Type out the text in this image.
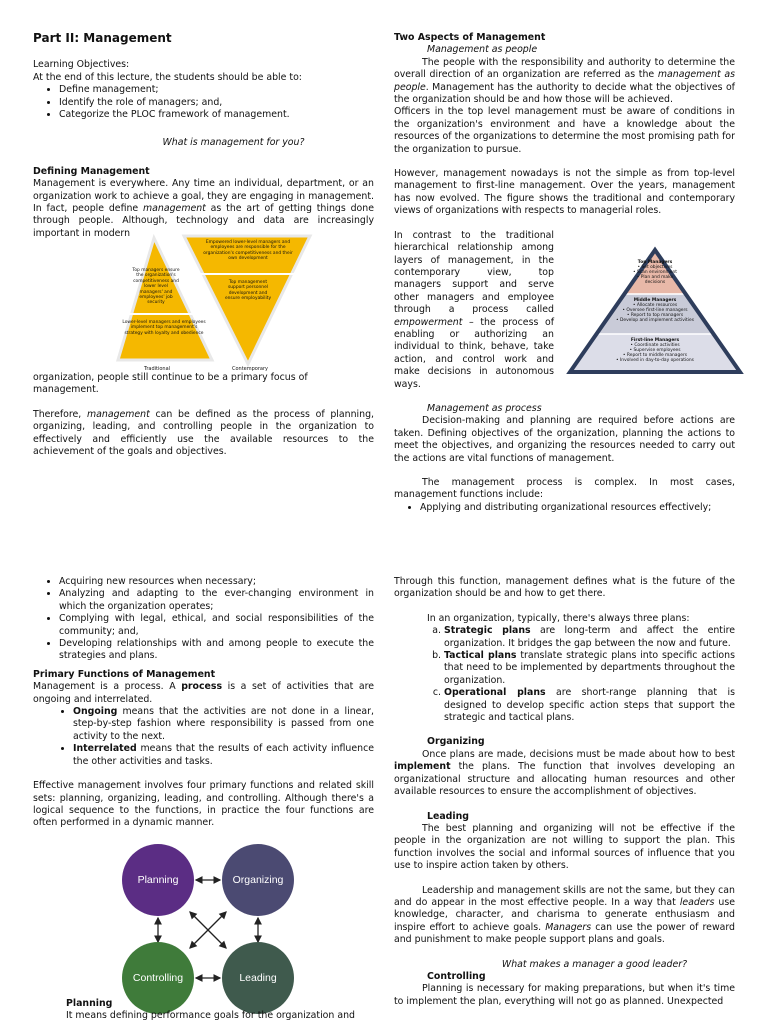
Part II: Management

Learning Objectives:

At the end of this lecture, the students should be able to:

• Define management;
• Identify the role of managers; and,
• Categorize the PLOC framework of management.

What is management for you?

Defining Management

Management is everywhere. Any time an individual, department, or an organization work to achieve a goal, they are engaging in management. In fact, people define management as the art of getting things done through people. Although, technology and data are increasingly important in modern

Top managers ensure the organization's competitiveness and lower level managers' and employees' job security
Lower-level managers and employees implement top management's strategy with loyalty and obedience
Traditional
Empowered lower-level managers and employees are responsible for the organization's competitiveness and their own development
Top management support personnel development and ensure employability
Contemporary

organization, people still continue to be a primary focus of management.

Therefore, management can be defined as the process of planning, organizing, leading, and controlling people in the organization to effectively and efficiently use the available resources to the achievement of the goals and objectives.

Two Aspects of Management

Management as people

The people with the responsibility and authority to determine the overall direction of an organization are referred as the management as people. Management has the authority to decide what the objectives of the organization should be and how those will be achieved.

Officers in the top level management must be aware of conditions in the organization's environment and have a knowledge about the resources of the organizations to determine the most promising path for the organization to pursue.

However, management nowadays is not the simple as from top-level management to first-line management. Over the years, management has now evolved. The figure shows the traditional and contemporary views of organizations with respects to managerial roles.

In contrast to the traditional hierarchical relationship among layers of management, in the contemporary view, top managers support and serve other managers and employee through a process called empowerment – the process of enabling or authorizing an individual to think, behave, take action, and control work and make decisions in autonomous ways.

Management as process

Decision-making and planning are required before actions are taken. Defining objectives of the organization, planning the actions to meet the objectives, and organizing the resources needed to carry out the actions are vital functions of management.

The management process is complex. In most cases, management functions include:

• Applying and distributing organizational resources effectively;
Top Managers
• Set objectives
• Scan environment
• Plan and make decisions
Middle Managers
• Allocate resources
• Oversee first-line managers
• Report to top managers
• Develop and implement activities
First-line Managers
• Coordinate activities
• Supervise employees
• Report to middle managers
• Involved in day-to-day operations
• Acquiring new resources when necessary;
• Analyzing and adapting to the ever-changing environment in which the organization operates;
• Complying with legal, ethical, and social responsibilities of the community; and,
• Developing relationships with and among people to execute the strategies and plans.

Primary Functions of Management

Management is a process. A process is a set of activities that are ongoing and interrelated.

• Ongoing means that the activities are not done in a linear, step-by-step fashion where responsibility is passed from one activity to the next.
• Interrelated means that the results of each activity influence the other activities and tasks.

Effective management involves four primary functions and related skill sets: planning, organizing, leading, and controlling. Although there's a logical sequence to the functions, in practice the four functions are often performed in a dynamic manner.

Planning	Organizing
Controlling	Leading

Planning

It means defining performance goals for the organization and

Through this function, management defines what is the future of the organization should be and how to get there.

In an organization, typically, there's always three plans:

a. Strategic plans are long-term and affect the entire organization. It bridges the gap between the now and future.
b. Tactical plans translate strategic plans into specific actions that need to be implemented by departments throughout the organization.
c. Operational plans are short-range planning that is designed to develop specific action steps that support the strategic and tactical plans.

Organizing

Once plans are made, decisions must be made about how to best implement the plans. The function that involves developing an organizational structure and allocating human resources and other available resources to ensure the accomplishment of objectives.

Leading

The best planning and organizing will not be effective if the people in the organization are not willing to support the plan. This function involves the social and informal sources of influence that you use to inspire action taken by others.

Leadership and management skills are not the same, but they can and do appear in the most effective people. In a way that leaders use knowledge, character, and charisma to generate enthusiasm and inspire effort to achieve goals. Managers can use the power of reward and punishment to make people support plans and goals.

What makes a manager a good leader?

Controlling

Planning is necessary for making preparations, but when it's time to implement the plan, everything will not go as planned. Unexpected
